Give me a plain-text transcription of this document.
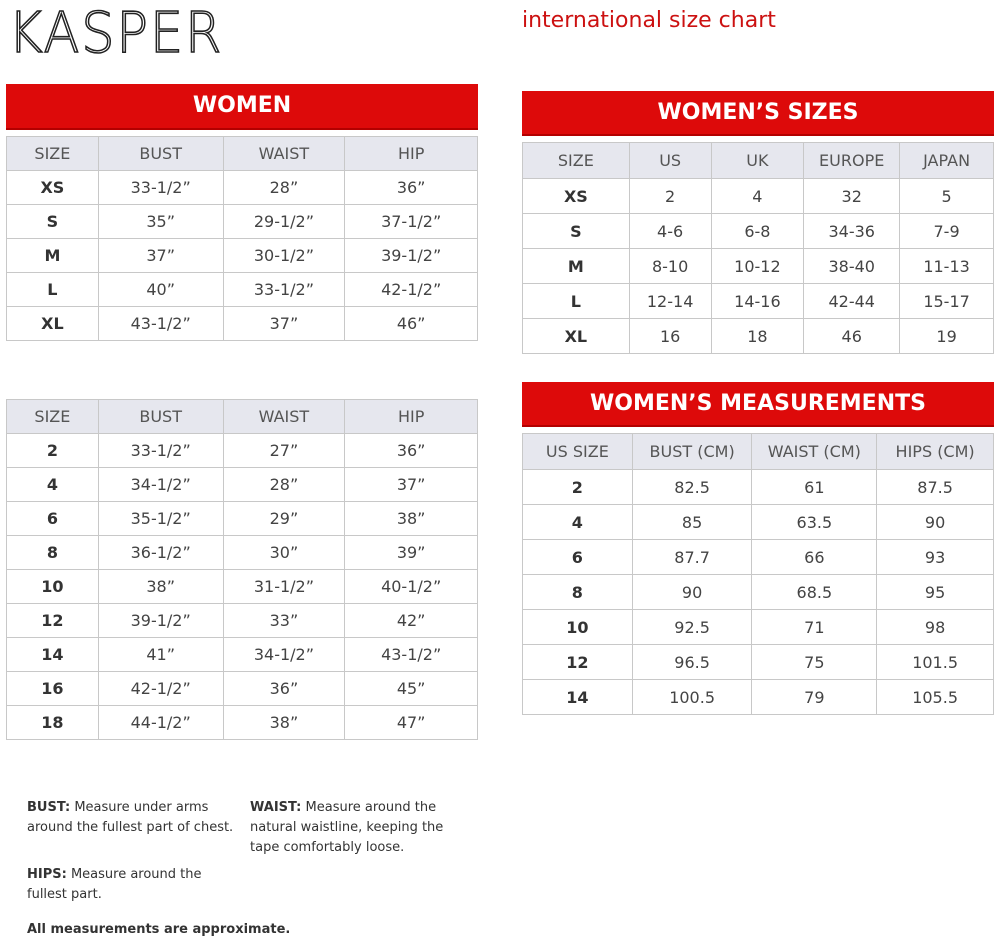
KASPER	international size chart
WOMEN
SIZE	BUST	WAIST	HIP
XS	33-1/2”	28”	36”
S	35”	29-1/2”	37-1/2”
M	37”	30-1/2”	39-1/2”
L	40”	33-1/2”	42-1/2”
XL	43-1/2”	37”	46”
SIZE	BUST	WAIST	HIP
2	33-1/2”	27”	36”
4	34-1/2”	28”	37”
6	35-1/2”	29”	38”
8	36-1/2”	30”	39”
10	38”	31-1/2”	40-1/2”
12	39-1/2”	33”	42”
14	41”	34-1/2”	43-1/2”
16	42-1/2”	36”	45”
18	44-1/2”	38”	47”
WOMEN’S SIZES
SIZE	US	UK	EUROPE	JAPAN
XS	2	4	32	5
S	4-6	6-8	34-36	7-9
M	8-10	10-12	38-40	11-13
L	12-14	14-16	42-44	15-17
XL	16	18	46	19
WOMEN’S MEASUREMENTS
US SIZE	BUST (CM)	WAIST (CM)	HIPS (CM)
2	82.5	61	87.5
4	85	63.5	90
6	87.7	66	93
8	90	68.5	95
10	92.5	71	98
12	96.5	75	101.5
14	100.5	79	105.5
BUST: Measure under arms around the fullest part of chest.
WAIST: Measure around the natural waistline, keeping the tape comfortably loose.
HIPS: Measure around the fullest part.
All measurements are approximate.
